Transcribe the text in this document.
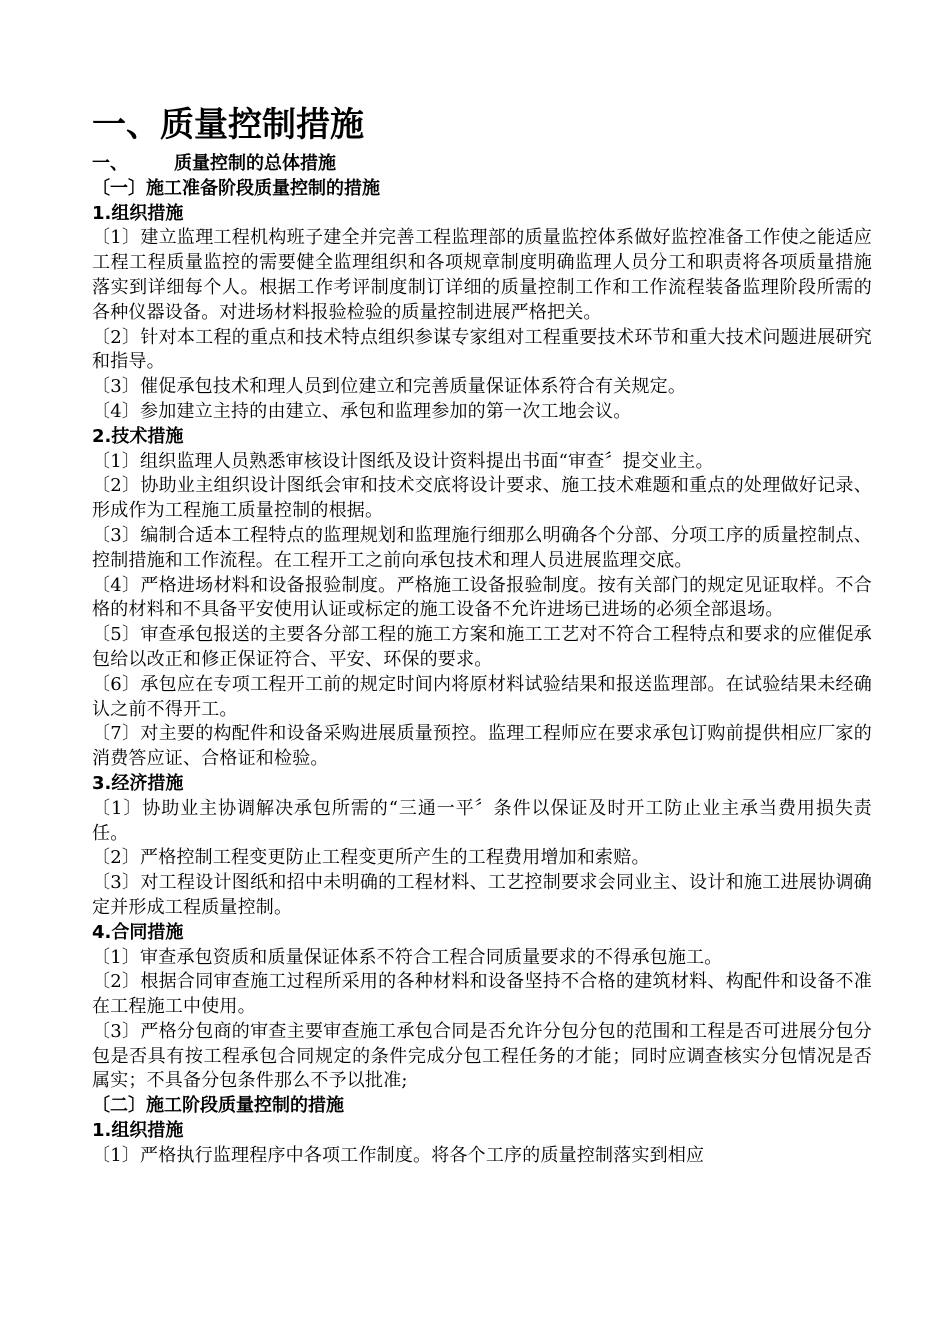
一、质量控制措施
一、	质量控制的总体措施
〔一〕施工准备阶段质量控制的措施
1.组织措施

〔1〕建立监理工程机构班子建全并完善工程监理部的质量监控体系做好监控准备工作使之能适应工程工程质量监控的需要健全监理组织和各项规章制度明确监理人员分工和职责将各项质量措施落实到详细每个人。根据工作考评制度制订详细的质量控制工作和工作流程装备监理阶段所需的各种仪器设备。对进场材料报验检验的质量控制进展严格把关。

〔2〕针对本工程的重点和技术特点组织参谋专家组对工程重要技术环节和重大技术问题进展研究和指导。

〔3〕催促承包技术和理人员到位建立和完善质量保证体系符合有关规定。

〔4〕参加建立主持的由建立、承包和监理参加的第一次工地会议。

2.技术措施

〔1〕组织监理人员熟悉审核设计图纸及设计资料提出书面“审查〞提交业主。

〔2〕协助业主组织设计图纸会审和技术交底将设计要求、施工技术难题和重点的处理做好记录、形成作为工程施工质量控制的根据。

〔3〕编制合适本工程特点的监理规划和监理施行细那么明确各个分部、分项工序的质量控制点、控制措施和工作流程。在工程开工之前向承包技术和理人员进展监理交底。

〔4〕严格进场材料和设备报验制度。严格施工设备报验制度。按有关部门的规定见证取样。不合格的材料和不具备平安使用认证或标定的施工设备不允许进场已进场的必须全部退场。

〔5〕审查承包报送的主要各分部工程的施工方案和施工工艺对不符合工程特点和要求的应催促承包给以改正和修正保证符合、平安、环保的要求。

〔6〕承包应在专项工程开工前的规定时间内将原材料试验结果和报送监理部。在试验结果未经确认之前不得开工。

〔7〕对主要的构配件和设备采购进展质量预控。监理工程师应在要求承包订购前提供相应厂家的消费答应证、合格证和检验。

3.经济措施

〔1〕协助业主协调解决承包所需的“三通一平〞条件以保证及时开工防止业主承当费用损失责任。

〔2〕严格控制工程变更防止工程变更所产生的工程费用增加和索赔。

〔3〕对工程设计图纸和招中未明确的工程材料、工艺控制要求会同业主、设计和施工进展协调确定并形成工程质量控制。

4.合同措施

〔1〕审查承包资质和质量保证体系不符合工程合同质量要求的不得承包施工。

〔2〕根据合同审查施工过程所采用的各种材料和设备坚持不合格的建筑材料、构配件和设备不准在工程施工中使用。

〔3〕严格分包商的审查主要审查施工承包合同是否允许分包分包的范围和工程是否可进展分包分包是否具有按工程承包合同规定的条件完成分包工程任务的才能；同时应调查核实分包情况是否属实；不具备分包条件那么不予以批准;

〔二〕施工阶段质量控制的措施
1.组织措施

〔1〕严格执行监理程序中各项工作制度。将各个工序的质量控制落实到相应
